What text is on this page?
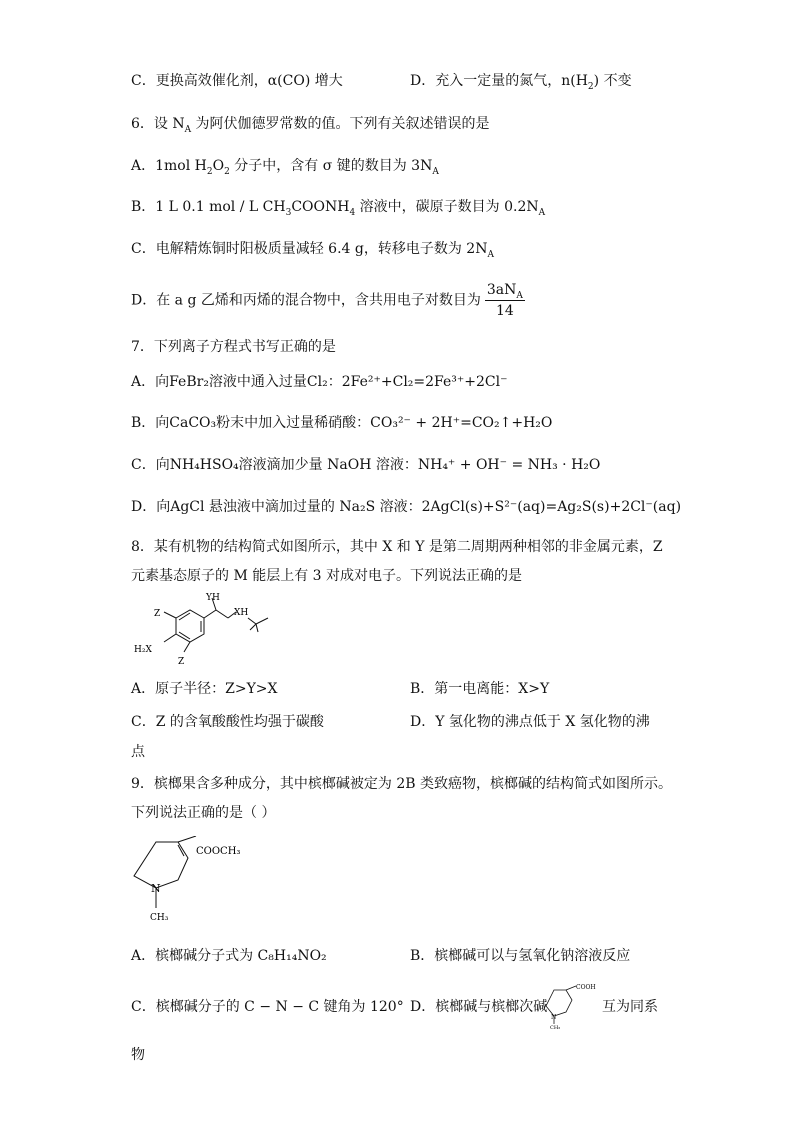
C．更换高效催化剂，α(CO) 增大	D．充入一定量的氮气，$n(H_2)$ 不变
6．设 $N_A$ 为阿伏伽德罗常数的值。下列有关叙述错误的是
A．1mol $H_2O_2$ 分子中，含有 σ 键的数目为 $3N_A$
B．1 L 0.1 mol / L $CH_3COONH_4$ 溶液中，碳原子数目为 $0.2N_A$
C．电解精炼铜时阳极质量减轻 6.4 g，转移电子数为 $2N_A$
D．在 a g 乙烯和丙烯的混合物中，含共用电子对数目为 $\frac{3aN_A}{14}$
7．下列离子方程式书写正确的是
A．向FeBr₂溶液中通入过量Cl₂：2Fe²⁺+Cl₂=2Fe³⁺+2Cl⁻
B．向CaCO₃粉末中加入过量稀硝酸：CO₃²⁻ + 2H⁺=CO₂↑+H₂O
C．向NH₄HSO₄溶液滴加少量 NaOH 溶液：NH₄⁺ + OH⁻ = NH₃ · H₂O
D．向AgCl 悬浊液中滴加过量的 Na₂S 溶液：2AgCl(s)+S²⁻(aq)=Ag₂S(s)+2Cl⁻(aq)
8．某有机物的结构简式如图所示，其中 X 和 Y 是第二周期两种相邻的非金属元素，Z
元素基态原子的 M 能层上有 3 对成对电子。下列说法正确的是
YH
XH
Z
H₂X
Z
A．原子半径：Z>Y>X	B．第一电离能：X>Y
C．Z 的含氧酸酸性均强于碳酸	D．Y 氢化物的沸点低于 X 氢化物的沸
点
9．槟榔果含多种成分，其中槟榔碱被定为 2B 类致癌物，槟榔碱的结构简式如图所示。
下列说法正确的是（ ）
COOCH₃
N
CH₃
A．槟榔碱分子式为 C₈H₁₄NO₂	B．槟榔碱可以与氢氧化钠溶液反应
C．槟榔碱分子的 C − N − C 键角为 120° D．槟榔碱与槟榔次碱
COOH
N
CH₃
互为同系
物
